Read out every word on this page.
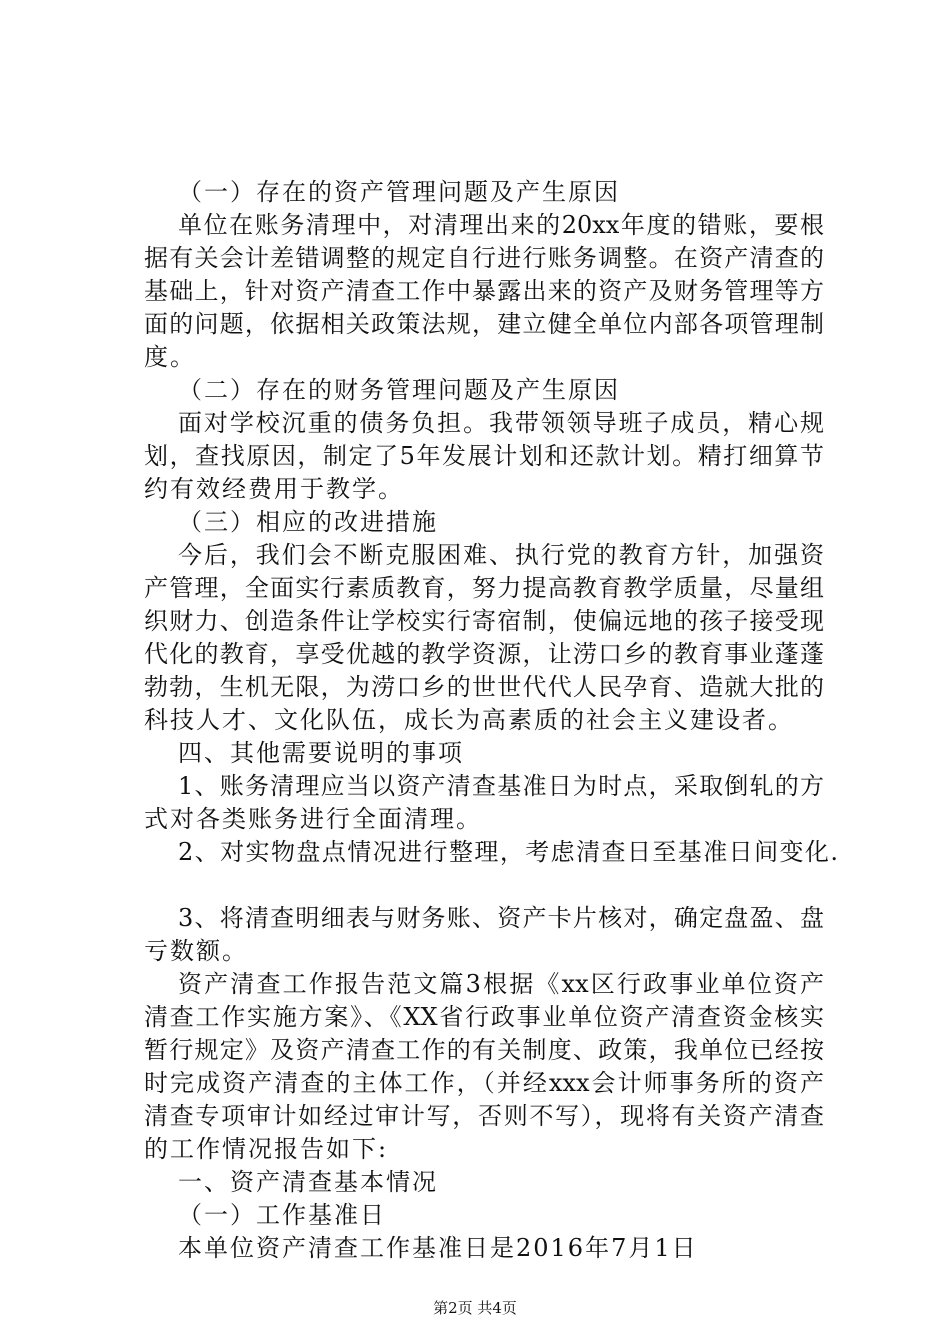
（一）存在的资产管理问题及产生原因
单位在账务清理中，对清理出来的20xx年度的错账，要根
据有关会计差错调整的规定自行进行账务调整。在资产清查的
基础上，针对资产清查工作中暴露出来的资产及财务管理等方
面的问题，依据相关政策法规，建立健全单位内部各项管理制
度。
（二）存在的财务管理问题及产生原因
面对学校沉重的债务负担。我带领领导班子成员，精心规
划，查找原因，制定了5年发展计划和还款计划。精打细算节
约有效经费用于教学。
（三）相应的改进措施
今后，我们会不断克服困难、执行党的教育方针，加强资
产管理，全面实行素质教育，努力提高教育教学质量，尽量组
织财力、创造条件让学校实行寄宿制，使偏远地的孩子接受现
代化的教育，享受优越的教学资源，让涝口乡的教育事业蓬蓬
勃勃，生机无限，为涝口乡的世世代代人民孕育、造就大批的
科技人才、文化队伍，成长为高素质的社会主义建设者。
四、其他需要说明的事项
1、账务清理应当以资产清查基准日为时点，采取倒轧的方
式对各类账务进行全面清理。
2、对实物盘点情况进行整理，考虑清查日至基准日间变化.
3、将清查明细表与财务账、资产卡片核对，确定盘盈、盘
亏数额。
资产清查工作报告范文篇3根据《xx区行政事业单位资产
清查工作实施方案》、《XX省行政事业单位资产清查资金核实
暂行规定》及资产清查工作的有关制度、政策，我单位已经按
时完成资产清查的主体工作，（并经xxx会计师事务所的资产
清查专项审计如经过审计写，否则不写），现将有关资产清查
的工作情况报告如下:
一、资产清查基本情况
（一）工作基准日
本单位资产清查工作基准日是2016年7月1日
第2页 共4页
